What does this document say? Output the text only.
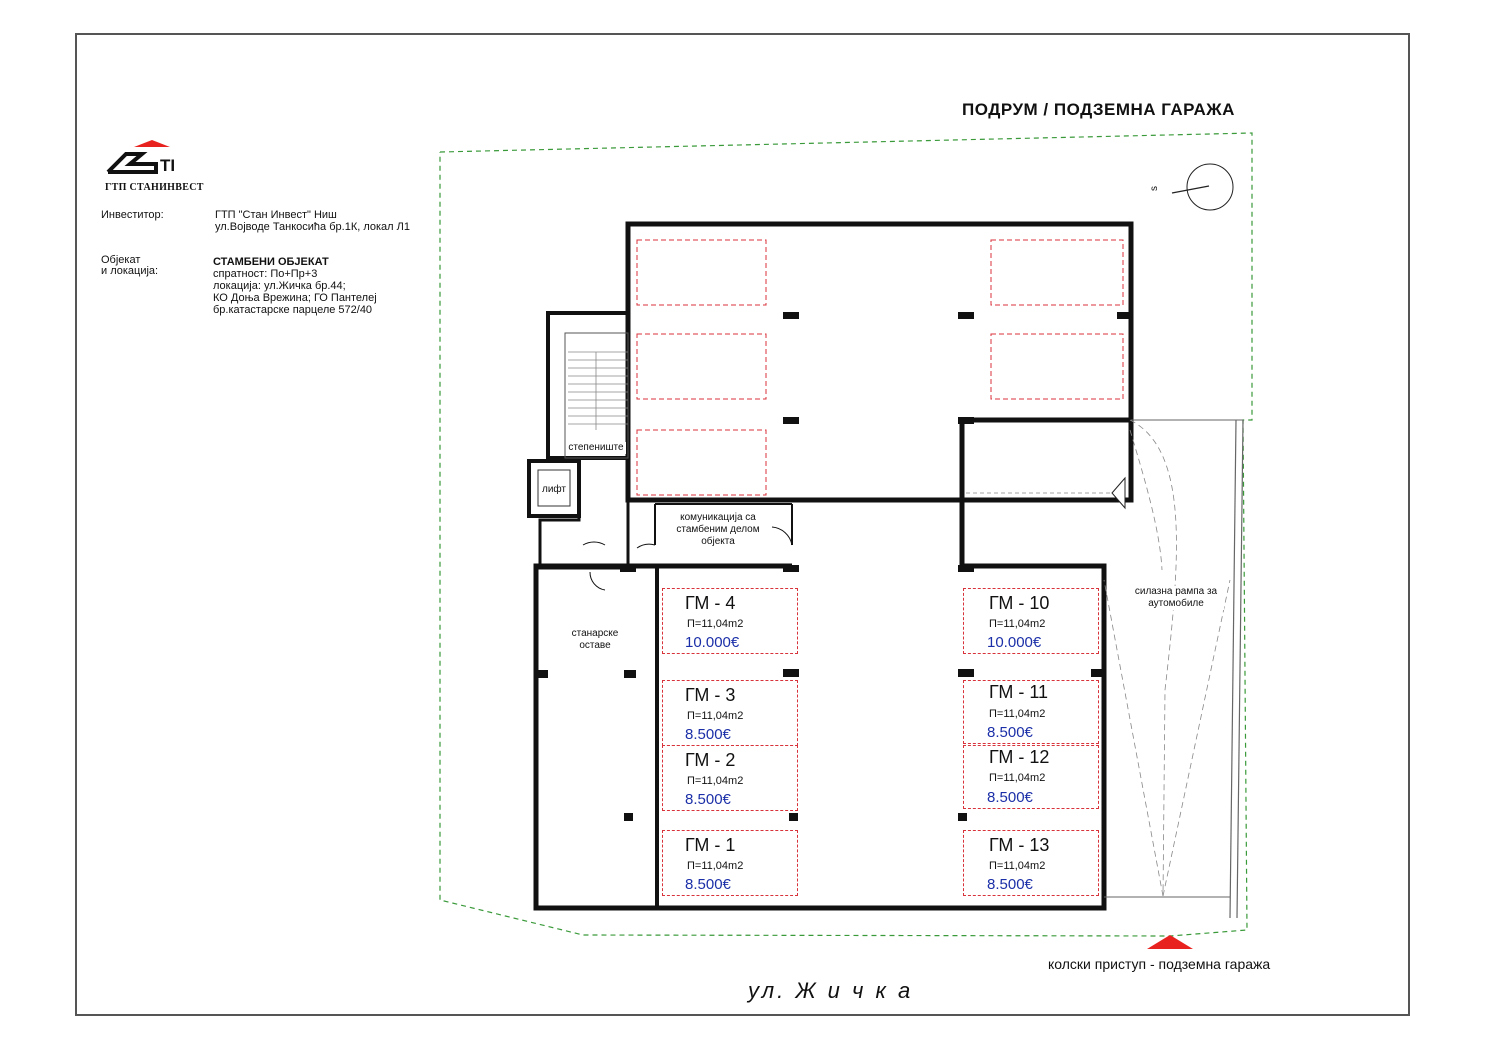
ГМ - 4
П=11,04m2
10.000€
ГМ - 3
П=11,04m2
8.500€
ГМ - 2
П=11,04m2
8.500€
ГМ - 1
П=11,04m2
8.500€
ГМ - 10
П=11,04m2
10.000€
ГМ - 11
П=11,04m2
8.500€
ГМ - 12
П=11,04m2
8.500€
ГМ - 13
П=11,04m2
8.500€
ПОДРУМ / ПОДЗЕМНА ГАРАЖА
TI
ГТП СТАНИНВЕСТ
Инвеститор:	ГТП "Стан Инвест" Ниш
ул.Војводе Танкосића бр.1К, локал Л1
Објекат
и локација:
СТАМБЕНИ ОБЈЕКАТ
спратност: По+Пр+3
локација: ул.Жичка бр.44;
КО Доња Врежина; ГО Пантелеј
бр.катастарске парцеле 572/40
s
степениште
лифт
комуникација са стамбеним делом објекта
станарске оставе
силазна рампа за аутомобиле
колски приступ - подземна гаража
ул. Ж и ч к а
